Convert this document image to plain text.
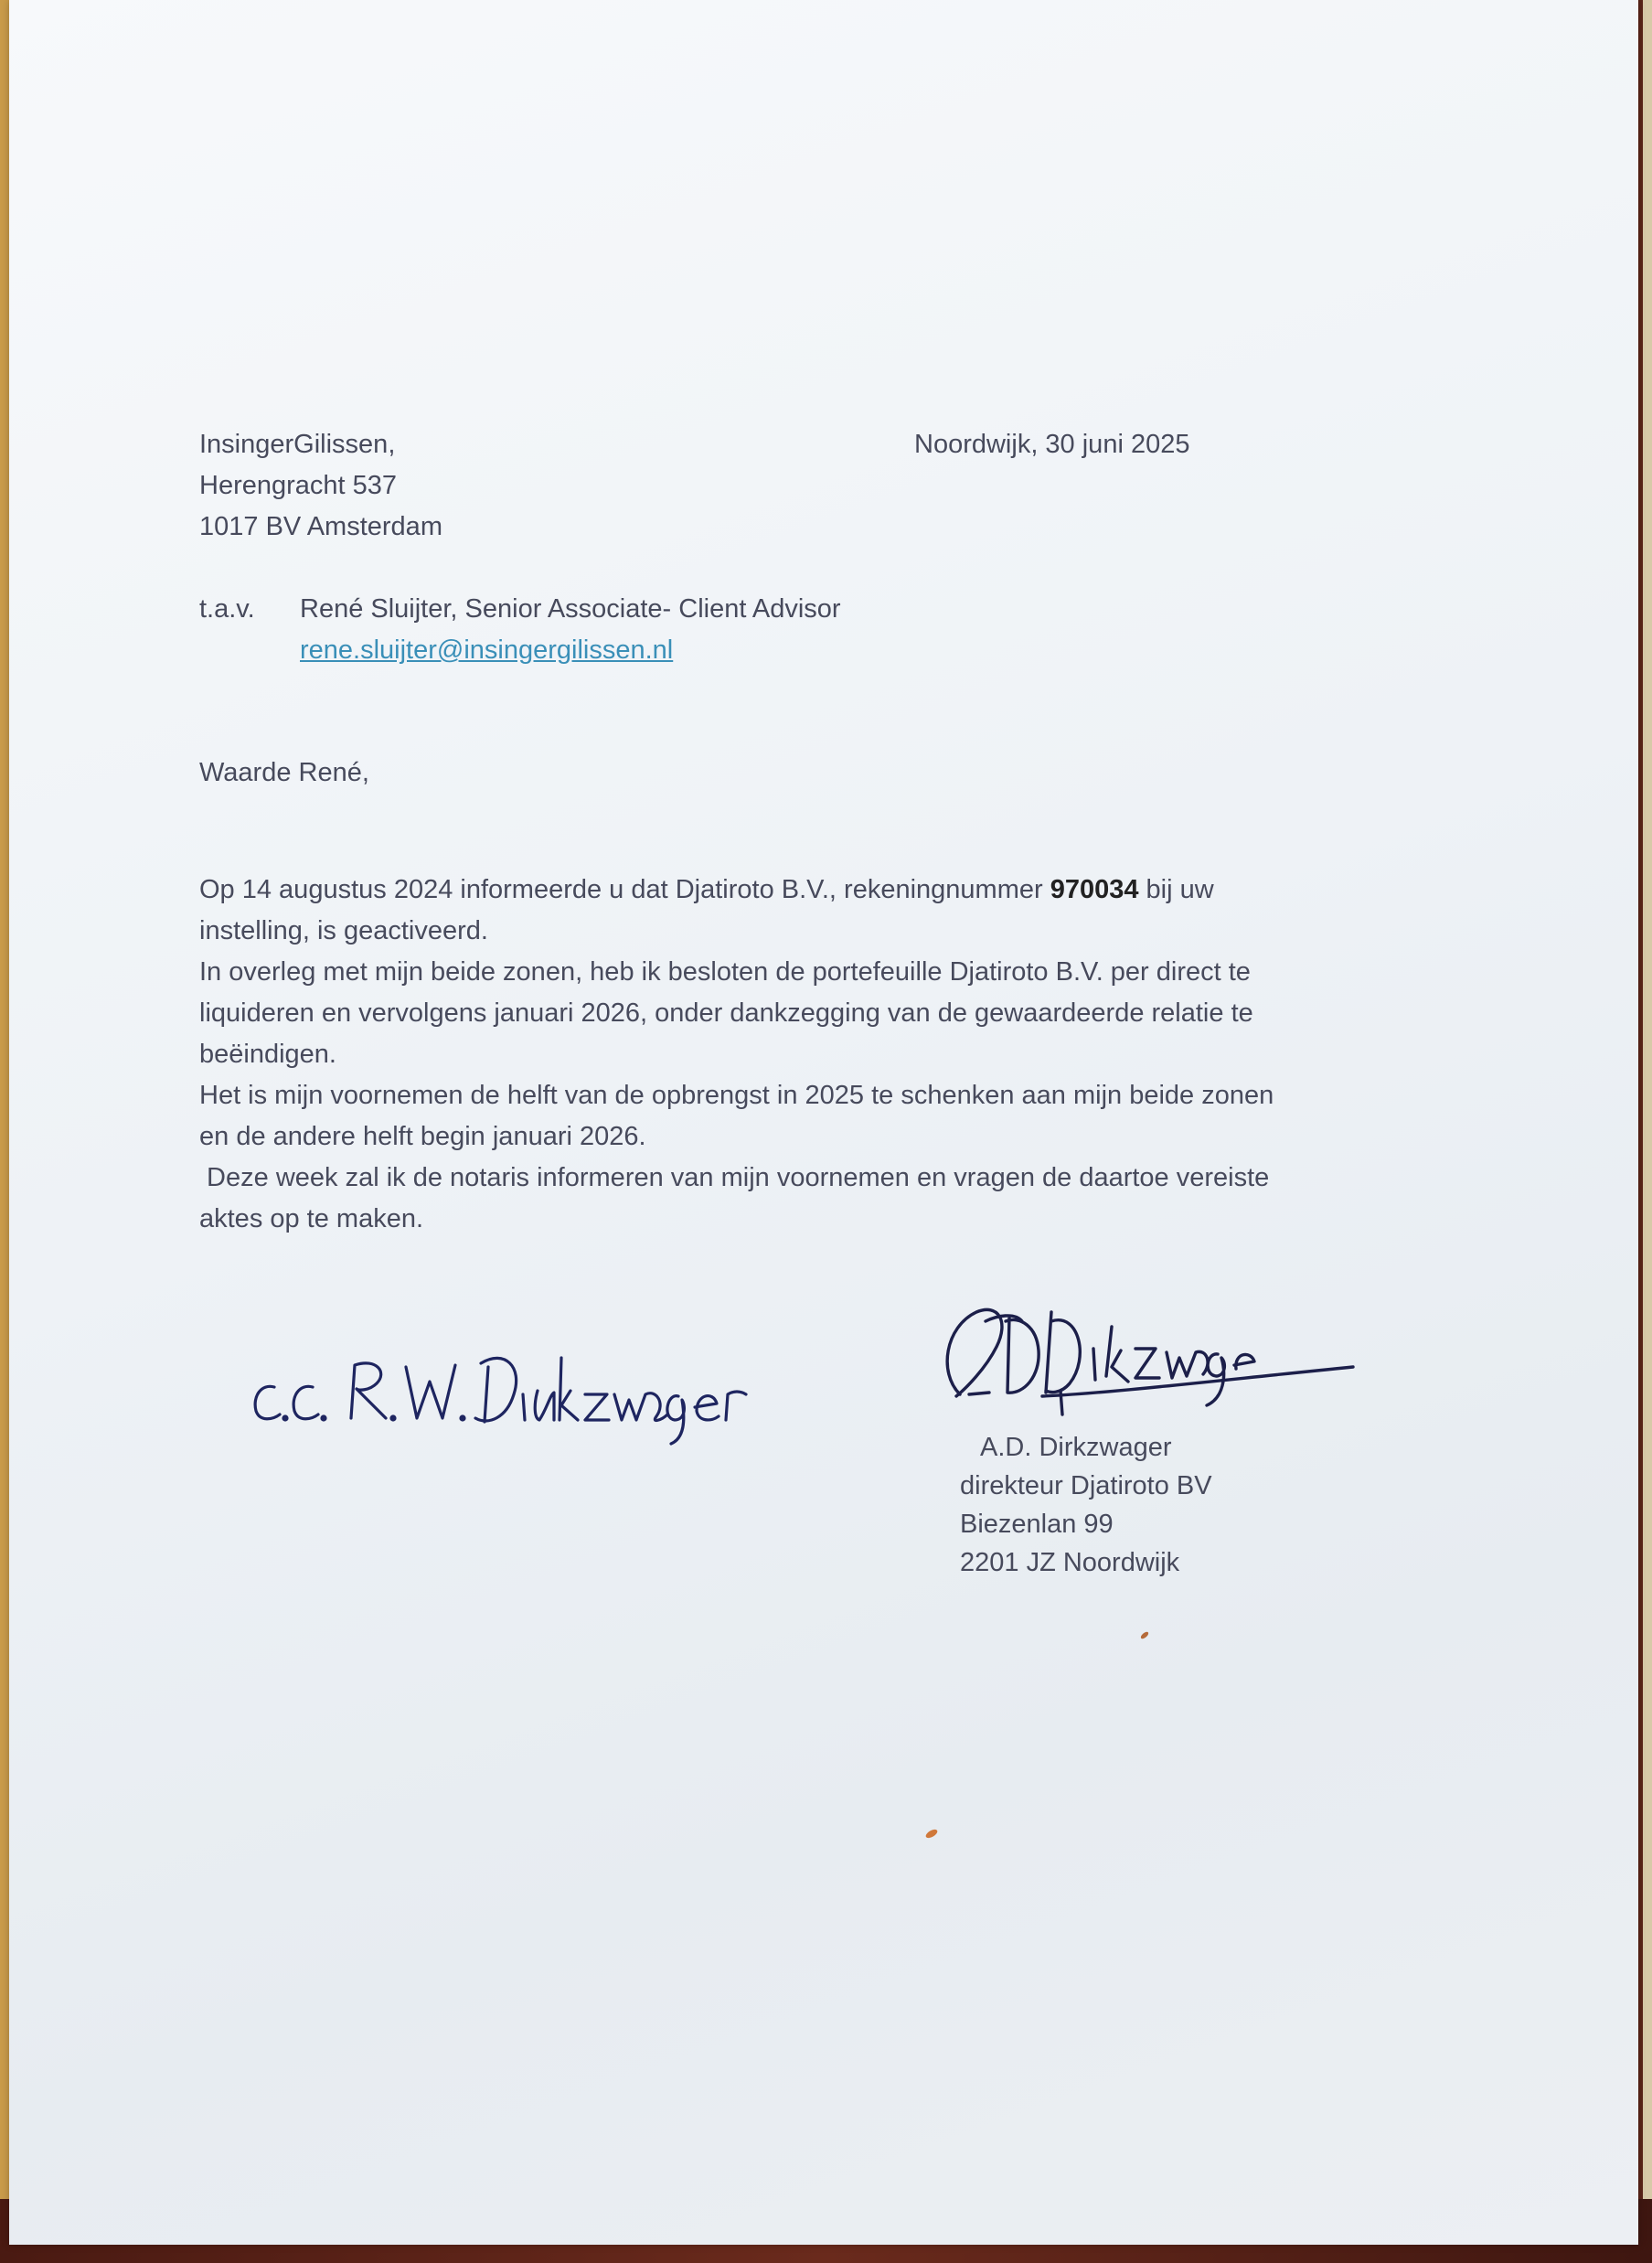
InsingerGilissen,
Herengracht 537
1017 BV Amsterdam
Noordwijk, 30 juni 2025
t.a.v. René Sluijter, Senior Associate- Client Advisor
rene.sluijter@insingergilissen.nl
Waarde René,
Op 14 augustus 2024 informeerde u dat Djatiroto B.V., rekeningnummer 970034 bij uw
instelling, is geactiveerd.
In overleg met mijn beide zonen, heb ik besloten de portefeuille Djatiroto B.V. per direct te
liquideren en vervolgens januari 2026, onder dankzegging van de gewaardeerde relatie te
beëindigen.
Het is mijn voornemen de helft van de opbrengst in 2025 te schenken aan mijn beide zonen
en de andere helft begin januari 2026.
Deze week zal ik de notaris informeren van mijn voornemen en vragen de daartoe vereiste
aktes op te maken.
A.D. Dirkzwager
direkteur Djatiroto BV
Biezenlan 99
2201 JZ Noordwijk
